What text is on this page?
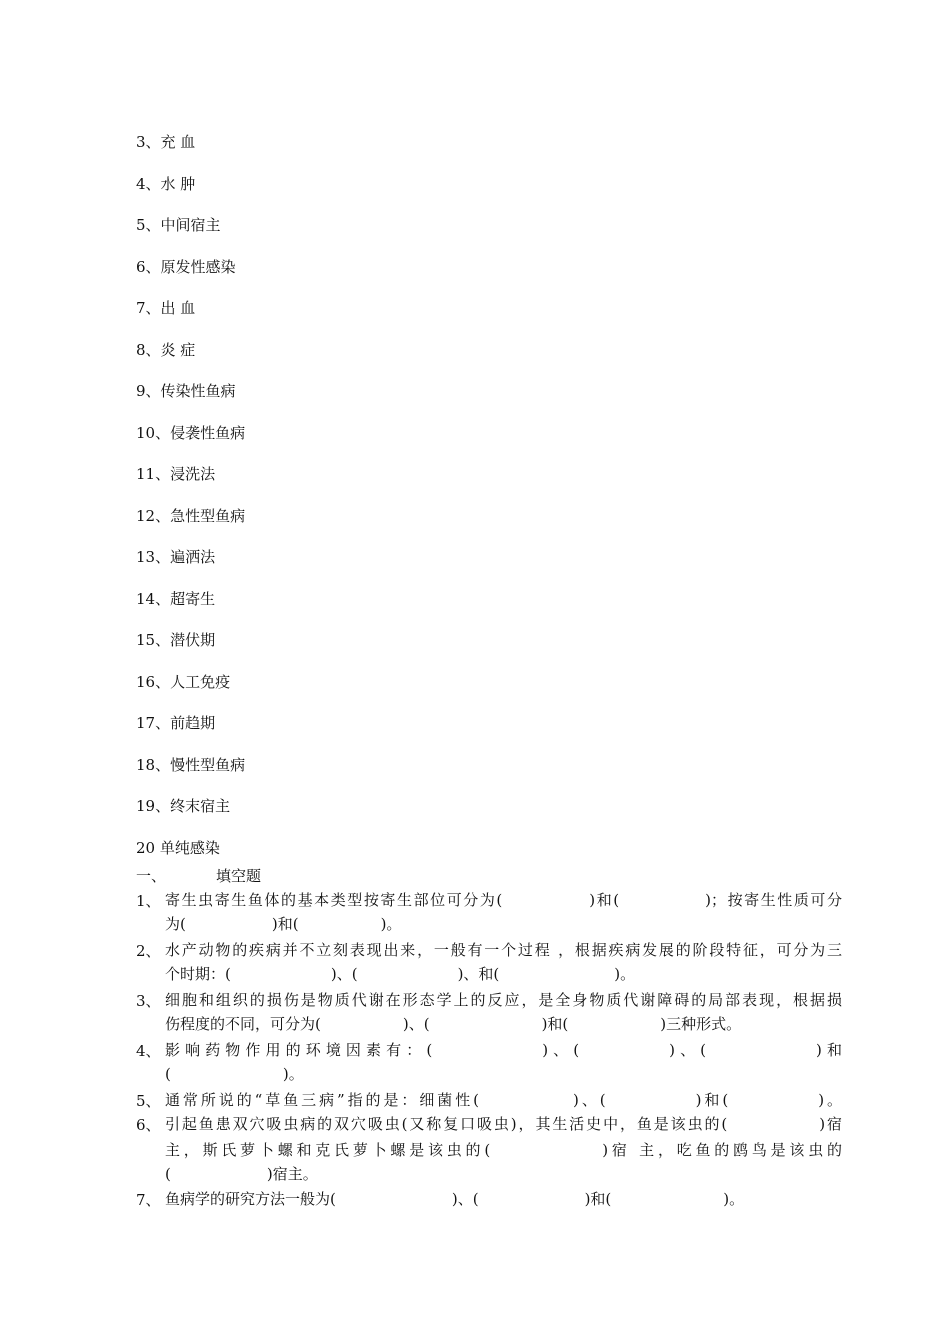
3、充 血
4、水 肿
5、中间宿主
6、原发性感染
7、出 血
8、炎 症
9、传染性鱼病
10、侵袭性鱼病
11、浸洗法
12、急性型鱼病
13、遍洒法
14、超寄生
15、潜伏期
16、人工免疫
17、前趋期
18、慢性型鱼病
19、终末宿主
20 单纯感染
一、	填空题
1、 寄生虫寄生鱼体的基本类型按寄生部位可分为(	)和(	)；按寄生性质可分
为(	)和(	)。
2、 水产动物的疾病并不立刻表现出来，一般有一个过程 ，根据疾病发展的阶段特征，可分为三
个时期：(	)、(	)、和(	)。
3、 细胞和组织的损伤是物质代谢在形态学上的反应，是全身物质代谢障碍的局部表现，根据损
伤程度的不同，可分为(	)、(	)和(	)三种形式。
4、 影响药物作用的环境因素有：(	)、(	)、(	)和
(	)。
5、 通常所说的“草鱼三病”指的是：细菌性(	)、(	)和(	)。
6、 引起鱼患双穴吸虫病的双穴吸虫(又称复口吸虫)，其生活史中，鱼是该虫的(	)宿
主，斯氏萝卜螺和克氏萝卜螺是该虫的(	)宿 主，吃鱼的鸥鸟是该虫的
(	)宿主。
7、 鱼病学的研究方法一般为(	)、(	)和(	)。
